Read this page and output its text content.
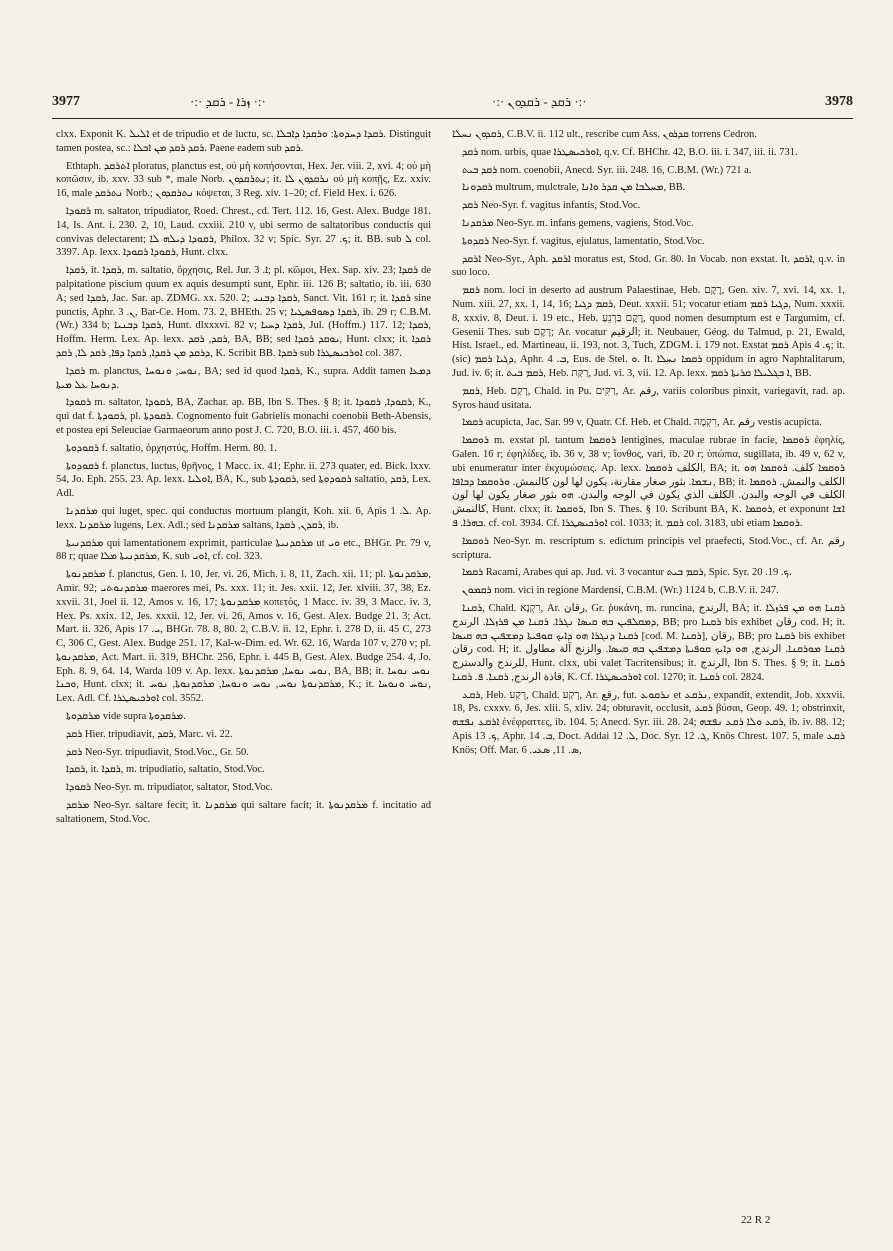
3977	·:· ܙܪܐ - ܪܩܕ ·:·	·:· ܪܩܕ - ܪܩܕܘܢ ·:·	3978

clxx. Exponit K. ܐܠܝܠ et de tripudio et de luctu, sc. ܪܩܕܐ ܕܚܕܘܬܐ: ܘܪܩܕܐ ܕܐܒܠܐ. Distinguit tamen postea, sc.: ܪܩܕ ܪܩܕ ܡܢ ܐܒܠܐ. Paene eadem sub ܪܩܕ.

Ethtaph. ܐܬܪܩܕ ploratus, planctus est, οὐ μὴ κοπήσονται, Hex. Jer. viii. 2, xvi. 4; οὐ μὴ κοπῶσιν, ib. xxv. 33 sub *, male Norb. ܢܬܪܩܕܘܢ; it. ܢܪܩܕܘܢ ܠܐ οὐ μὴ κοπῇς, Ez. xxiv. 16, male ܢܬܪܩܕ Norb.; ܢܬܪܩܕܘܢ κόψεται, 3 Reg. xiv. 1–20; cf. Field Hex. i. 626.

ܪܩܘܕܐ m. saltator, tripudiator, Roed. Chrest., cd. Tert. 112. 16, Gest. Alex. Budge 181. 14, Is. Ant. i. 230. 2, 10, Laud. cxxiii. 210 v, ubi sermo de saltatoribus conductis qui convivas delectarent; ܪܩܘܕܐ ܕܝܠܗ ܠܐ, Philox. 32 v; Spic. Syr. ܟ. 27; it. BB. sub ܠ col. 3397. Ap. lexx. ܪܩܘܕܐ ܪܩܘܕܐ, Hunt. clxx.

ܪܩܕܐ, it. ܪܩܕܐ, m. saltatio, ὄρχησις, Rel. Jur. ܐ. 3; pl. κῶμοι, Hex. Sap. xiv. 23; ܪܩܕܐ de palpitatione piscium quum ex aquis desumpti sunt, Ephr. iii. 126 B; saltatio, ib. iii. 630 A; sed ܪܩܕܐ, Jac. Sar. ap. ZDMG. xx. 520. 2; ܪܩܕܐ ܕܒܢܝ, Sanct. Vit. 161 r; it. ܪܩܕܐ sine punctis, Aphr. ܢ. 3, Bar-Ce. Hom. 73. 2, BHEth. 25 v; ܪܩܕܐ ܕܣܘܦܣܛܝܐ, ib. 29 r; C.B.M. (Wr.) 334 b; ܪܩܕܐ ܕܒܢܝܐ, Hunt. dlxxxvi. 82 v; ܪܩܕܐ ܕܚܝܐ, Jul. (Hoffm.) 117. 12; ܪܩܕܐ, Hoffm. Herm. Lex. Ap. lexx. ܪܩܕ, ܪܩܕ, BA, BB; sed ܝܘܩܕ ܪܩܕܐ, Hunt. clxx; it. ܪܩܕܐ ܕܪܩܕ ܡܢ ܪܩܕܐ, ܪܩܕܐ ܕܦܐ, ܪܩܕ ܠܐ, ܪܩܕ, K. Scribit BB. ܪܩܕܐ sub ܐܘܪܟܝܣܛܪܐ col. 387.

ܪܩܕܐ m. planctus, ܢܘܚ, ܘܢܘܚܐ, BA; sed id quod ܪܩܕܐ, K., supra. Addit tamen ܕܡܥܐ ܕܢܘܚܐ ܥܠ ܡܝܬܐ.

ܪܩܘܕܐ m. saltator, ܪܩܘܕܐ, BA, Zachar. ap. BB, Ibn S. Thes. § 8; it. ܪܩܘܕܐ, ܪܩܘܕܐ, K., qui dat f. ܪܩܘܕܬܐ, pl. ܪܩܘܕܬܐ. Cognomento fuit Gabrielis monachi coenobii Beth-Abensis, et postea epi Seleuciae Garmaeorum anno post J. C. 720, B.O. iii. i. 457, 460 bis.

ܪܩܘܕܘܬܐ f. saltatio, ὀρχηστύς, Hoffm. Herm. 80. 1.

ܪܩܘܕܘܬܐ f. planctus, luctus, θρῆνος, 1 Macc. ix. 41; Ephr. ii. 273 quater, ed. Bick. lxxv. 54, Jo. Eph. 255. 23. Ap. lexx. ܐܘܠܝܐ, BA, K., sub ܪܩܘܕܬܐ, sed ܪܩܘܕܘܬܐ saltatio, ܪܩܕ, Lex. Adl.

ܡܪܩܕܢܐ qui luget, spec. qui conductus mortuum plangit, Koh. xii. 6, Apis ܠ. 1. Ap. lexx. ܡܪܩܕܢܐ lugens, Lex. Adl.; sed ܡܪܩܕܢܐ saltans, ܪܩܕܢ, ܪܩܕܐ, ib.

ܡܪܩܕܢܝܬܐ qui lamentationem exprimit, particulae ܡܪܩܕܢܝܬܐ ut ܘܝ etc., BHGr. Pr. 79 v, 88 r; quae ܡܪܩܕܢܝܬܐ ܡܠܐ, K. sub ܐܘܝ, cf. col. 323.

ܡܪܩܕܢܘܬܐ f. planctus, Gen. l. 10, Jer. vi. 26, Mich. i. 8, 11, Zach. xii. 11; pl. ܡܪܩܕܢܘܬܐ, Amir. 92; ܡܪܩܕܢܘܬܝ maerores mei, Ps. xxx. 11; it. Jes. xxii. 12, Jer. xlviii. 37, 38, Ez. xxvii. 31, Joel ii. 12, Amos v. 16, 17; ܡܪܩܕܢܘܬܐ κοπετός, 1 Macc. iv. 39, 3 Macc. iv. 3, Hex. Ps. xxix. 12, Jes. xxxii. 12, Jer. vi. 26, Amos v. 16, Gest. Alex. Budge 21. 3; Act. Mart. ii. 326, Apis ܝ. 17, BHGr. 78. 8, 80. 2, C.B.V. ii. 12, Ephr. i. 278 D, ii. 45 C, 273 C, 306 C, Gest. Alex. Budge 251. 17, Kal-w-Dim. ed. Wr. 62. 16, Warda 107 v, 270 v; pl. ܡܪܩܕܢܘܬܐ, Act. Mart. ii. 319, BHChr. 256, Ephr. i. 445 B, Gest. Alex. Budge 254. 4, Jo. Eph. 8. 9, 64. 14, Warda 109 v. Ap. lexx. ܢܘܚ ܢܘܚܐ, ܡܪܩܕܢܘܬܐ, BA, BB; it. ܢܘܚ ܢܘܚܐ ܘܟܢܐ, Hunt. clxx; it. ܡܪܩܕܢܘܬܐ ܢܘܚ, ܢܘܚ ܘܢܘܚܐ, ܡܪܩܕܢܘܬܐ, ܢܘܚ, K.; it. ܢܘܚ ܘܢܘܚܐ, Lex. Adl. Cf. ܐܘܪܟܝܣܛܪܐ col. 3552.

ܡܪܩܕܘܬܐ vide supra ܡܪܩܕܘܬܐ.

ܪܩܕ Hier. tripudiavit, ܪܩܕ, Marc. vi. 22.

ܪܩܕ Neo-Syr. tripudiavit, Stod.Voc., Gr. 50.

ܪܩܕܐ, it. ܪܩܕܐ, m. tripudiatio, saltatio, Stod.Voc.

ܪܩܘܕܐ Neo-Syr. m. tripudiator, saltator, Stod.Voc.

ܡܪܩܕ Neo-Syr. saltare fecit; it. ܡܪܩܕܢܐ qui saltare facit; it. ܡܪܩܕܢܘܬܐ f. incitatio ad saltationem, Stod.Voc.

ܪܩܕܘܢ ܢܚܠܐ, C.B.V. ii. 112 ult., rescribe cum Ass. ܩܕܪܘܢ torrens Cedron.

ܪܩܕ nom. urbis, quae ܐܘܪܟܝܣܛܪܐ, q.v. Cf. BHChr. 42, B.O. iii. i. 347, iii. ii. 731.

ܪܩܕ ܒܝܬ nom. coenobii, Anecd. Syr. iii. 248. 16, C.B.M. (Wr.) 721 a.

ܪܩܕܘܢܐ multrum, mulctrale, ܡܚܠܒܐ ܡܢ ܩܕܪ ܘܐܢܐ, BB.

ܪܩܕ Neo-Syr. f. vagitus infantis, Stod.Voc.

ܡܪܩܕܢܐ Neo-Syr. m. infans gemens, vagiens, Stod.Voc.

ܪܩܕܘܬܐ Neo-Syr. f. vagitus, ejulatus, lamentatio, Stod.Voc.

ܐܪܩܕ Neo-Syr., Aph. ܐܪܩܕ moratus est, Stod. Gr. 80. In Vocab. non exstat. It. ܐܪܩܕ, q.v. in suo loco.

ܪܩܡ nom. loci in deserto ad austrum Palaestinae, Heb. רֶקֶם, Gen. xiv. 7, xvi. 14, xx. 1, Num. xiii. 27, xx. 1, 14, 16; ܪܩܡ ܕܓܝܐ, Deut. xxxii. 51; vocatur etiam ܕܓܝܐ ܪܩܡ, Num. xxxii. 8, xxxiv. 8, Deut. i. 19 etc., Heb. רֶקֶם בַּרְנֵעַ, quod nomen desumptum est e Targumim, cf. Gesenii Thes. sub רֶקֶם; Ar. vocatur الرقيم; it. Neubauer, Géog. du Talmud, p. 21, Ewald, Hist. Israel., ed. Martineau, ii. 193, not. 3, Tuch, ZDGM. i. 179 not. Exstat ܪܩܡ Apis ܟ. 4; it. (sic) ܕܓܝܐ ܪܩܡ, Aphr. ܒ. 4, Eus. de Stel. ܘ. It. ܪܩܡܐ ܢܚܠܐ oppidum in agro Naphtalitarum, Jud. iv. 6; it. ܪܩܡ ܒܝܬ, Heb. רַקַּת, Jud. vi. 3, vii. 12. Ap. lexx. ܐ ܒܓܠܝܠܐ ܩܪܝܬܐ ܪܩܡ, BB.

ܪܩܡ, Heb. רָקַם, Chald. in Pu. רַקִּים, Ar. رقم, variis coloribus pinxit, variegavit, rad. ap. Syros haud usitata.

ܪܩܡܐ acupicta, Jac. Sar. 99 v, Quatr. Cf. Heb. et Chald. רִקְמָה, Ar. رقم vestis acupicta.

ܪܘܩܡܐ m. exstat pl. tantum ܪܘܩܡܐ lentigines, maculae rubrae in facie, ܪܘܩܡܐ ἐφηλίς, Galen. 16 r; ἐφηλίδες, ib. 36 v, 38 v; ἴονθος, vari, ib. 20 r; ὑπώπια, sugillata, ib. 49 v, 62 v, ubi enumeratur inter ἐκχυμώσεις. Ap. lexx. الكلف ܪܘܩܡܐ, BA; it. ܪܘܩܡܐ كلف. ܪܘܩܡܐ ܗܘ ܢܫܡܐ. بثور صغار مقارنة، يكون لها لون كالنمش. ܘܪܘܩܡܐ ܕܒܐܦܐ, BB; it. الكلف والنمش. ܪܘܩܡܐ الكلف في الوجه والبدن. الكلف الذي يكون في الوجه والبدن. ܗܘ بثور صغار يكون لها لون كالنمش, Hunt. clxx; it. ܪܘܩܡܐ, Ibn S. Thes. § 10. Scribunt BA, K. ܪܘܩܡܐ, et exponunt ܐܫܐ ܒܗܪܐ. ܦ. cf. col. 3934. Cf. ܐܘܪܟܝܣܛܪܐ col. 1033; it. ܪܩܡ col. 3183, ubi etiam ܪܘܩܡܐ.

ܪܘܩܡܐ Neo-Syr. m. rescriptum s. edictum principis vel praefecti, Stod.Voc., cf. Ar. رقم scriptura.

ܪܩܡܐ Racami, Arabes qui ap. Jud. vi. 3 vocantur ܪܩܡ ܒܝܬ, Spic. Syr. ܟ. 19. 20.

ܪܩܡܘܢ nom. vici in regione Mardensi, C.B.M. (Wr.) 1124 b, C.B.V. ii. 247.

ܪܩܢܐ, Chald. רִקְנָא, Ar. رقان, Gr. ῥυκάνη, m. runcina, الرندج, BA; it. ܪܩܢܐ ܗܘ ܡܢ ܦܪܙܠܐ ܕܡܩܠܦܝܢ ܒܗ ܩܝܣܐ ܢܓܪܐ. ܪܩܢܐ ܡܢ ܦܪܙܠܐ. الرندج, BB; pro ܪܩܢܐ bis exhibet رقان cod. H; it. ܪܩܢܐ ܕܢܓܪܐ ܗܘ ܕܐܝܟ ܩܘܦܝܬܐ ܕܡܫܦܝܢ ܒܗ ܩܝܣܐ [cod. M. ܪܩܢܐ], رقان, BB; pro ܪܩܢܐ bis exhibet رقان cod. H; it. ܪܩܢܐ ܡܘܪܩܢܐ. الرندج, ܗܘ ܕܐܝܟ ܩܘܦܝܬܐ ܕܡܫܦܝܢ ܒܗ ܩܝܣܐ. والزنج آلة مطاول للرندج والدسترج, Hunt. clxx, ubi valet Tacritensibus; it. الرندج, Ibn S. Thes. § 9; it. ܪܩܢܐ قاذة الرندج, ܪܩܢܐ. ܦ. ܪܩܢܐ, K. Cf. ܐܘܪܟܝܣܛܪܐ col. 1270; it. ܪܩܢܐ col. 2824.

ܪܩܥ, Heb. רָקַע, Chald. רְקַע, Ar. رقع, fut. ܢܪܩܘܥ et ܢܪܩܥ, expandit, extendit, Job. xxxvii. 18, Ps. cxxxv. 6, Jes. xlii. 5, xliv. 24; obturavit, occlusit, ܪܩܥ βύσαι, Geop. 49. 1; obstrinxit, ܐܪܩܥ ܢܦܫܗ ἐνέφραττες, ib. 104. 5; Anecd. Syr. iii. 28. 24; ܪܩܥ ܘܠܐ ܪܩܥ ܢܦܫܗ, ib. iv. 88. 12; Apis ܟ. 13, Aphr. ܒ. 14, Doct. Addai ܠ. 12, Doc. Syr. ܓ. 12, Knös Chrest. 107. 5, male ܪܩܥ Knös; Off. Mar. ܣ. 11, ܣܥܝ. 6,

22 R 2
